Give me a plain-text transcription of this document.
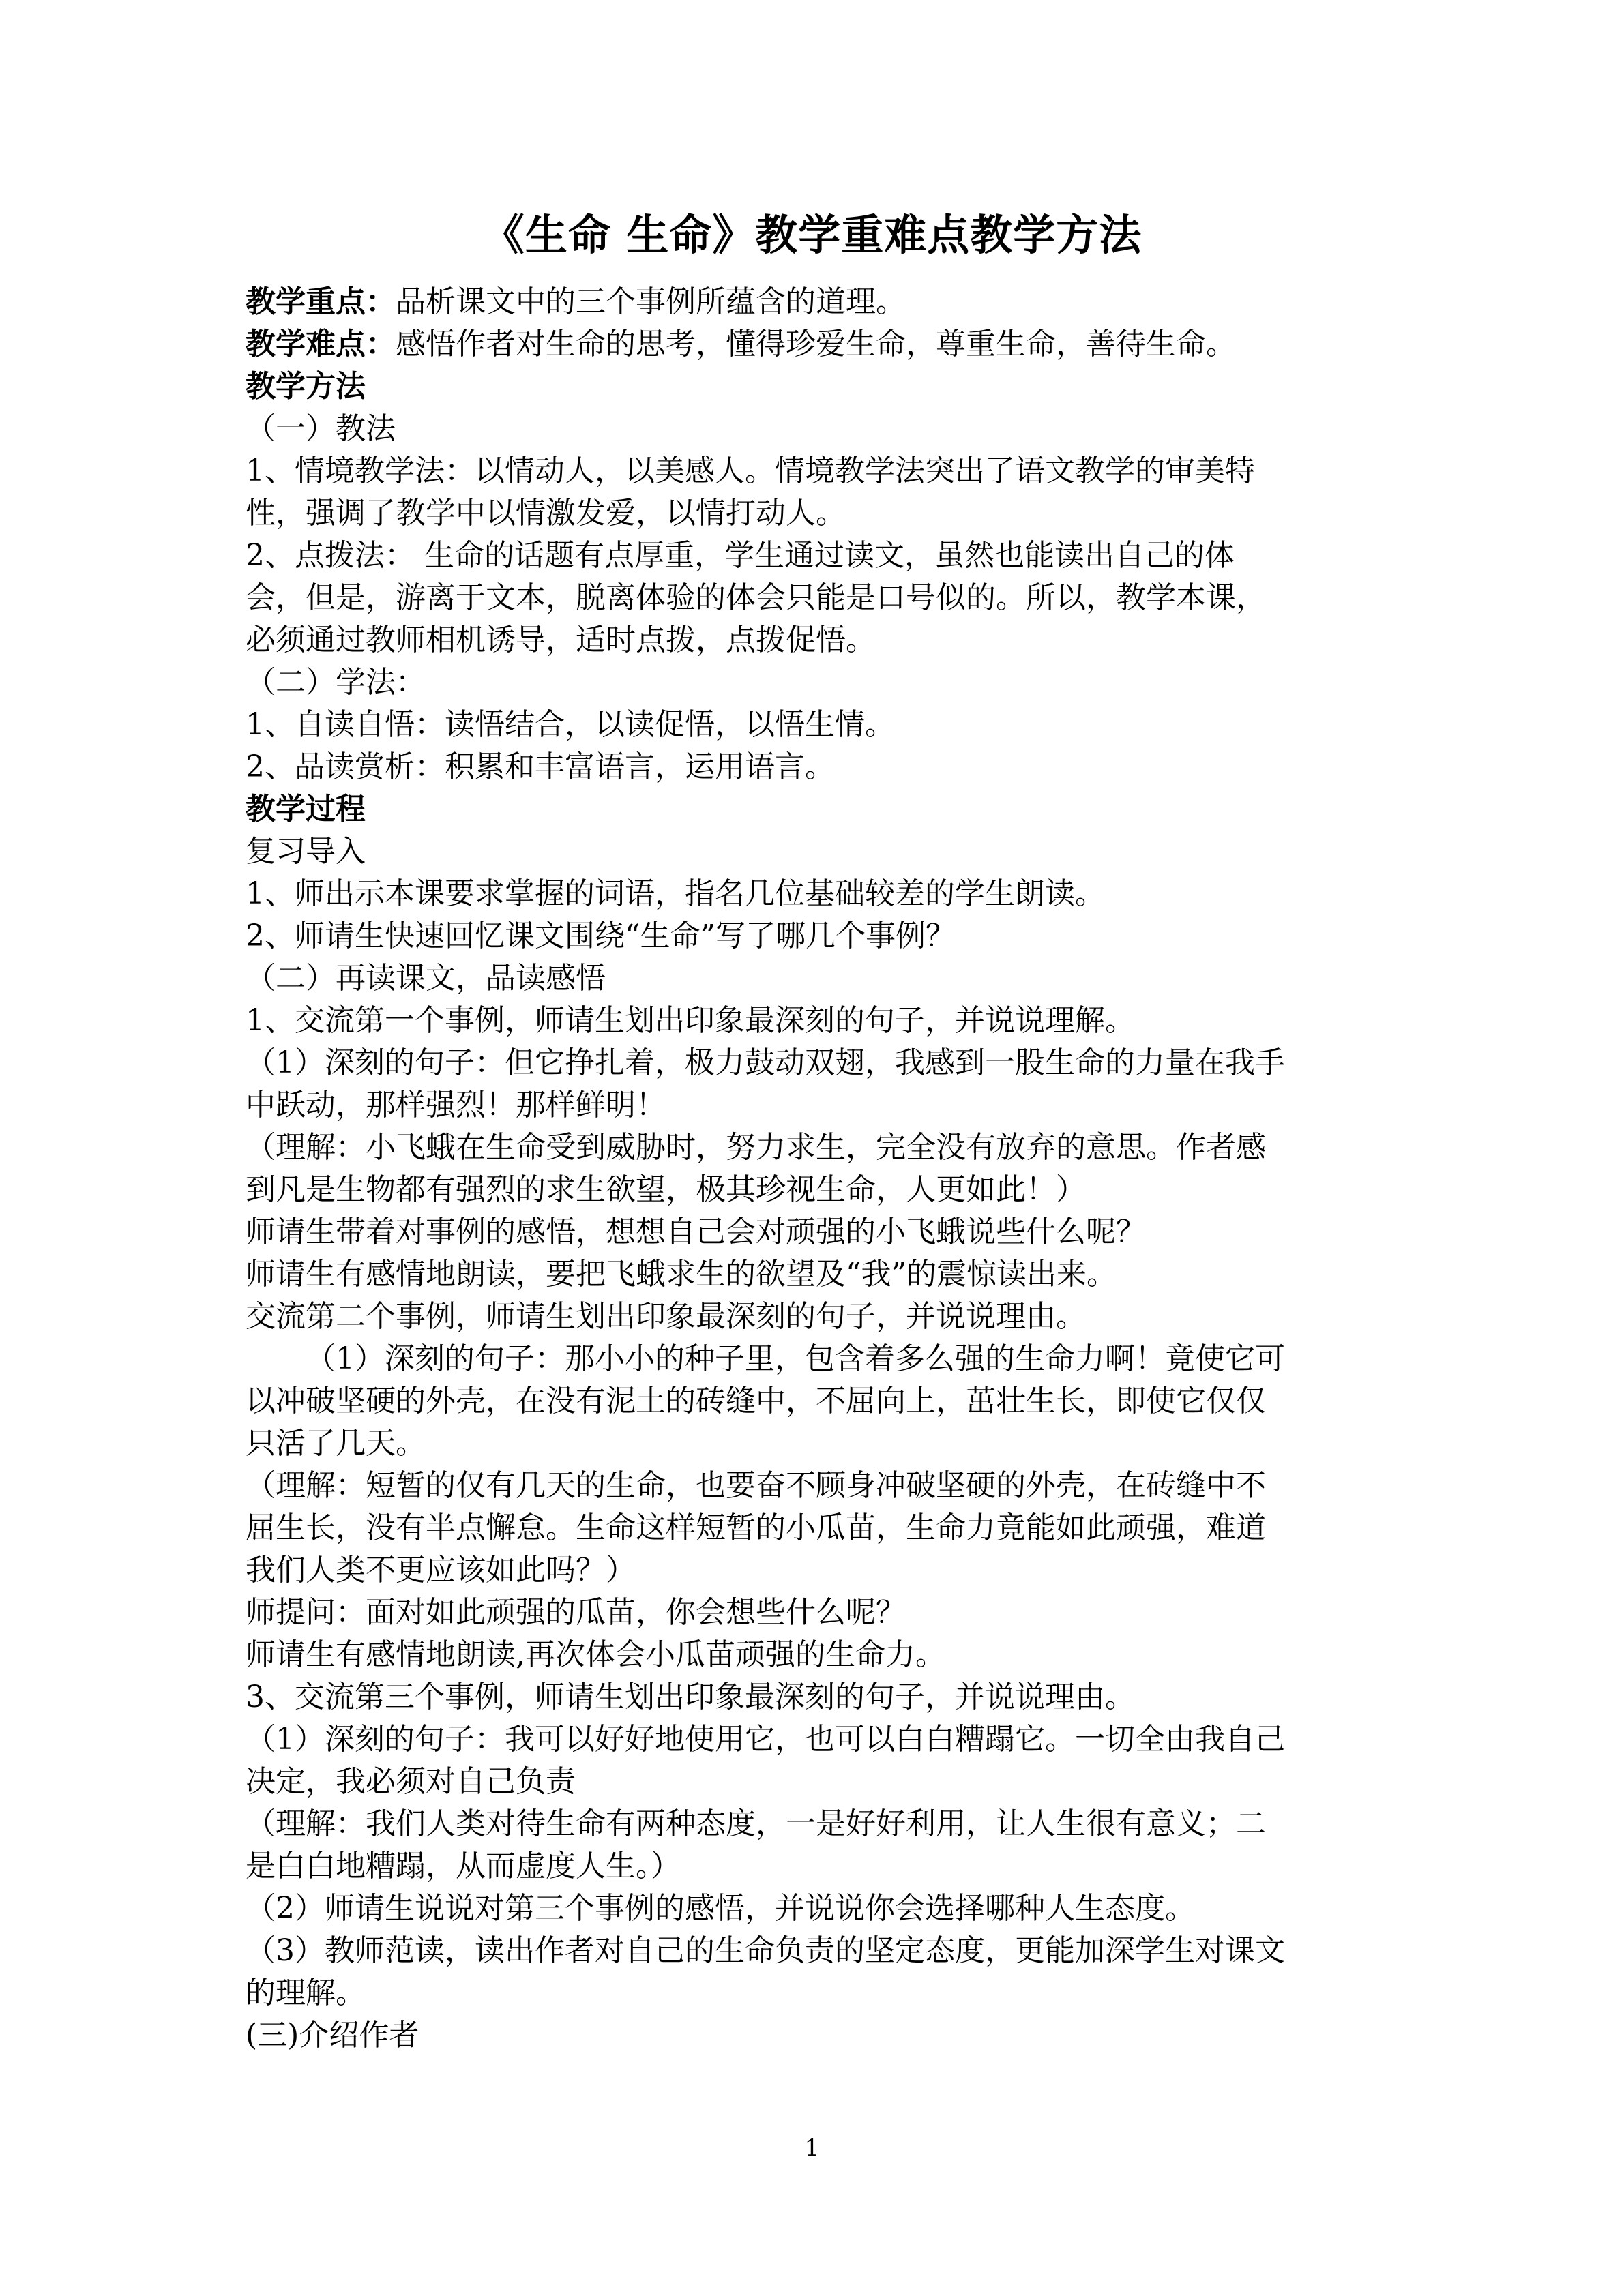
《生命 生命》教学重难点教学方法
教学重点：品析课文中的三个事例所蕴含的道理。
教学难点：感悟作者对生命的思考，懂得珍爱生命，尊重生命，善待生命。
教学方法
（一）教法
1、情境教学法：以情动人，以美感人。情境教学法突出了语文教学的审美特
性，强调了教学中以情激发爱，以情打动人。
2、点拨法： 生命的话题有点厚重，学生通过读文，虽然也能读出自己的体
会，但是，游离于文本，脱离体验的体会只能是口号似的。所以，教学本课，
必须通过教师相机诱导，适时点拨，点拨促悟。
（二）学法：
1、自读自悟：读悟结合，以读促悟，以悟生情。
2、品读赏析：积累和丰富语言，运用语言。
教学过程
复习导入
1、师出示本课要求掌握的词语，指名几位基础较差的学生朗读。
2、师请生快速回忆课文围绕“生命”写了哪几个事例？
（二）再读课文，品读感悟
1、交流第一个事例，师请生划出印象最深刻的句子，并说说理解。
（1）深刻的句子：但它挣扎着，极力鼓动双翅，我感到一股生命的力量在我手
中跃动，那样强烈！那样鲜明！
（理解：小飞蛾在生命受到威胁时，努力求生，完全没有放弃的意思。作者感
到凡是生物都有强烈的求生欲望，极其珍视生命，人更如此！）
师请生带着对事例的感悟，想想自己会对顽强的小飞蛾说些什么呢？
师请生有感情地朗读，要把飞蛾求生的欲望及“我”的震惊读出来。
交流第二个事例，师请生划出印象最深刻的句子，并说说理由。
（1）深刻的句子：那小小的种子里，包含着多么强的生命力啊！竟使它可
以冲破坚硬的外壳，在没有泥土的砖缝中，不屈向上，茁壮生长，即使它仅仅
只活了几天。
（理解：短暂的仅有几天的生命，也要奋不顾身冲破坚硬的外壳，在砖缝中不
屈生长，没有半点懈怠。生命这样短暂的小瓜苗，生命力竟能如此顽强，难道
我们人类不更应该如此吗？）
师提问：面对如此顽强的瓜苗，你会想些什么呢？
师请生有感情地朗读,再次体会小瓜苗顽强的生命力。
3、交流第三个事例，师请生划出印象最深刻的句子，并说说理由。
（1）深刻的句子：我可以好好地使用它，也可以白白糟蹋它。一切全由我自己
决定，我必须对自己负责
（理解：我们人类对待生命有两种态度，一是好好利用，让人生很有意义；二
是白白地糟蹋，从而虚度人生。）
（2）师请生说说对第三个事例的感悟，并说说你会选择哪种人生态度。
（3）教师范读，读出作者对自己的生命负责的坚定态度，更能加深学生对课文
的理解。
(三)介绍作者
1
